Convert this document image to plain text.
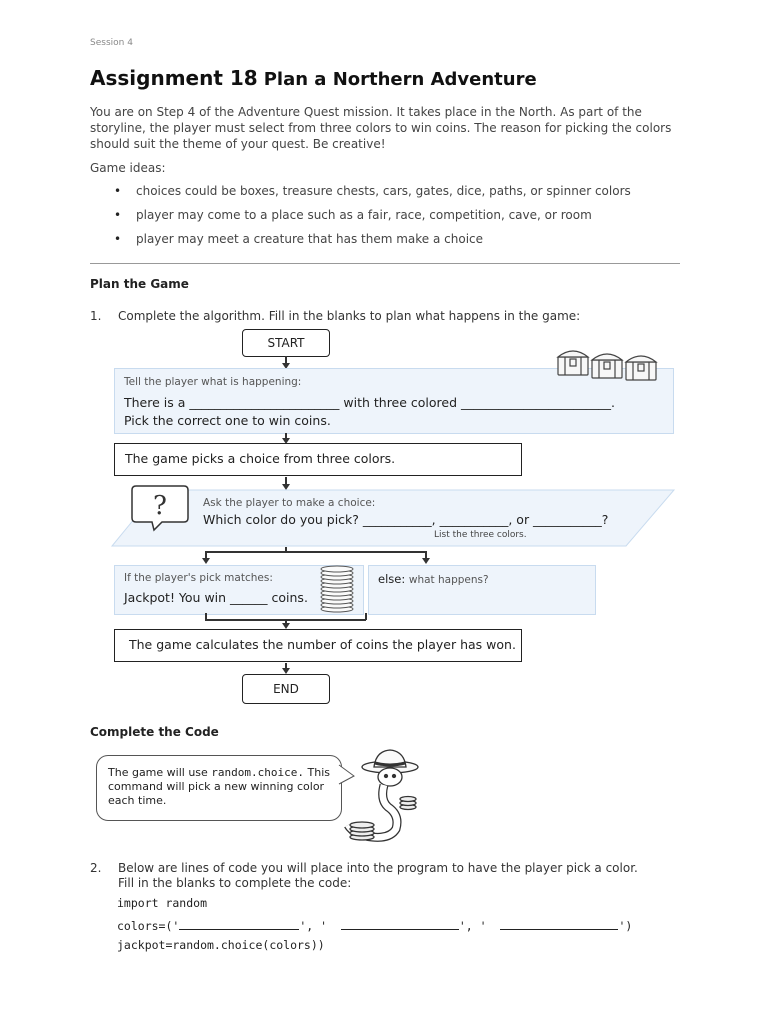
Session 4
Assignment 18 Plan a Northern Adventure
You are on Step 4 of the Adventure Quest mission. It takes place in the North. As part of the storyline, the player must select from three colors to win coins. The reason for picking the colors should suit the theme of your quest. Be creative!
Game ideas:
• choices could be boxes, treasure chests, cars, gates, dice, paths, or spinner colors
• player may come to a place such as a fair, race, competition, cave, or room
• player may meet a creature that has them make a choice
Plan the Game
1. Complete the algorithm. Fill in the blanks to plan what happens in the game:
START
Tell the player what is happening:
There is a ________________________ with three colored ________________________.
Pick the correct one to win coins.
The game picks a choice from three colors.
?	Ask the player to make a choice:
Which color do you pick? ___________, ___________, or ___________?
List the three colors.
If the player's pick matches:
Jackpot! You win ______ coins.
else: what happens?
The game calculates the number of coins the player has won.
END
Complete the Code
The game will use random.choice. This command will pick a new winning color each time.
2. Below are lines of code you will place into the program to have the player pick a color.
Fill in the blanks to complete the code:
import random
colors=('	', '	', '	')
jackpot=random.choice(colors))
